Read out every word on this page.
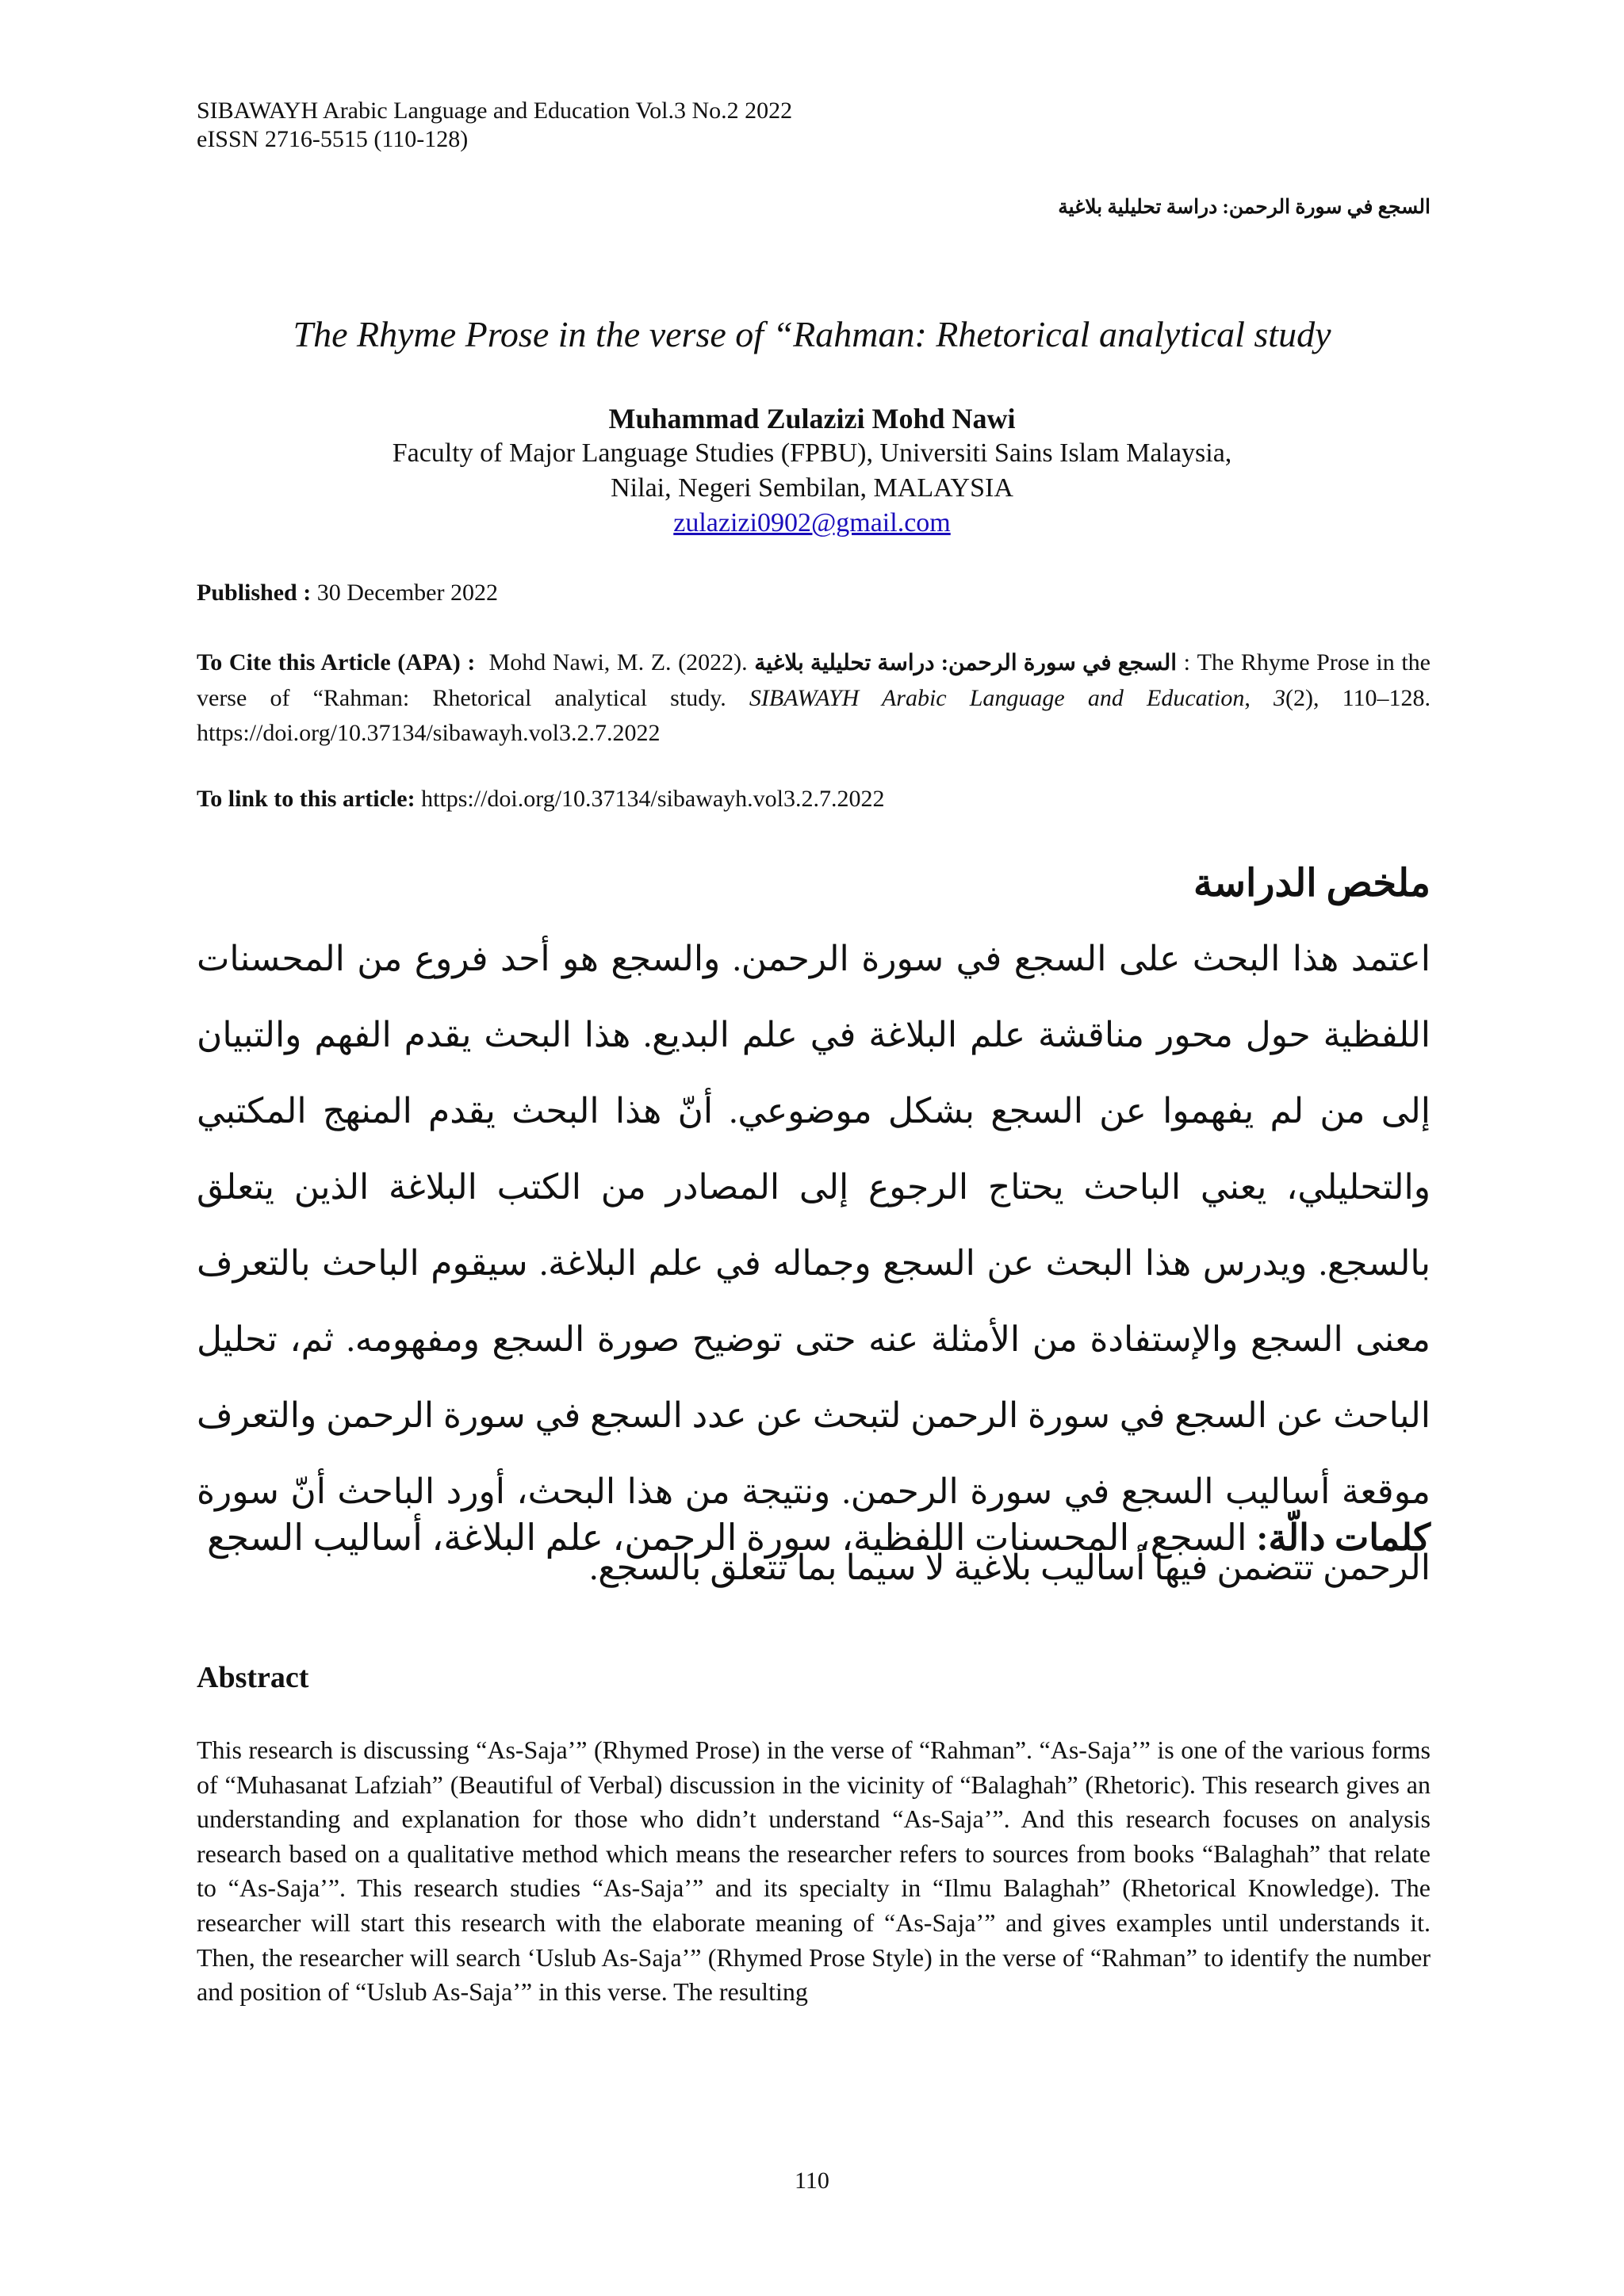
SIBAWAYH Arabic Language and Education Vol.3 No.2 2022
eISSN 2716-5515 (110-128)
السجع في سورة الرحمن: دراسة تحليلية بلاغية
The Rhyme Prose in the verse of “Rahman: Rhetorical analytical study
Muhammad Zulazizi Mohd Nawi
Faculty of Major Language Studies (FPBU), Universiti Sains Islam Malaysia,
Nilai, Negeri Sembilan, MALAYSIA
zulazizi0902@gmail.com
Published : 30 December 2022
To Cite this Article (APA) : Mohd Nawi, M. Z. (2022). السجع في سورة الرحمن: دراسة تحليلية بلاغية : The Rhyme Prose in the verse of “Rahman: Rhetorical analytical study. SIBAWAYH Arabic Language and Education, 3(2), 110–128. https://doi.org/10.37134/sibawayh.vol3.2.7.2022
To link to this article: https://doi.org/10.37134/sibawayh.vol3.2.7.2022
ملخص الدراسة
اعتمد هذا البحث على السجع في سورة الرحمن. والسجع هو أحد فروع من المحسنات اللفظية حول محور مناقشة علم البلاغة في علم البديع. هذا البحث يقدم الفهم والتبيان إلى من لم يفهموا عن السجع بشكل موضوعي. أنّ هذا البحث يقدم المنهج المكتبي والتحليلي، يعني الباحث يحتاج الرجوع إلى المصادر من الكتب البلاغة الذين يتعلق بالسجع. ويدرس هذا البحث عن السجع وجماله في علم البلاغة. سيقوم الباحث بالتعرف معنى السجع والإستفادة من الأمثلة عنه حتى توضيح صورة السجع ومفهومه. ثم، تحليل الباحث عن السجع في سورة الرحمن لتبحث عن عدد السجع في سورة الرحمن والتعرف موقعة أساليب السجع في سورة الرحمن. ونتيجة من هذا البحث، أورد الباحث أنّ سورة الرحمن تتضمن فيها أساليب بلاغية لا سيما بما تتعلق بالسجع.
كلمات دالّة: السجع، المحسنات اللفظية، سورة الرحمن، علم البلاغة، أساليب السجع
Abstract
This research is discussing “As-Saja’” (Rhymed Prose) in the verse of “Rahman”. “As-Saja’” is one of the various forms of “Muhasanat Lafziah” (Beautiful of Verbal) discussion in the vicinity of “Balaghah” (Rhetoric). This research gives an understanding and explanation for those who didn’t understand “As-Saja’”. And this research focuses on analysis research based on a qualitative method which means the researcher refers to sources from books “Balaghah” that relate to “As-Saja’”. This research studies “As-Saja’” and its specialty in “Ilmu Balaghah” (Rhetorical Knowledge). The researcher will start this research with the elaborate meaning of “As-Saja’” and gives examples until understands it. Then, the researcher will search ‘Uslub As-Saja’” (Rhymed Prose Style) in the verse of “Rahman” to identify the number and position of “Uslub As-Saja’” in this verse. The resulting
110
